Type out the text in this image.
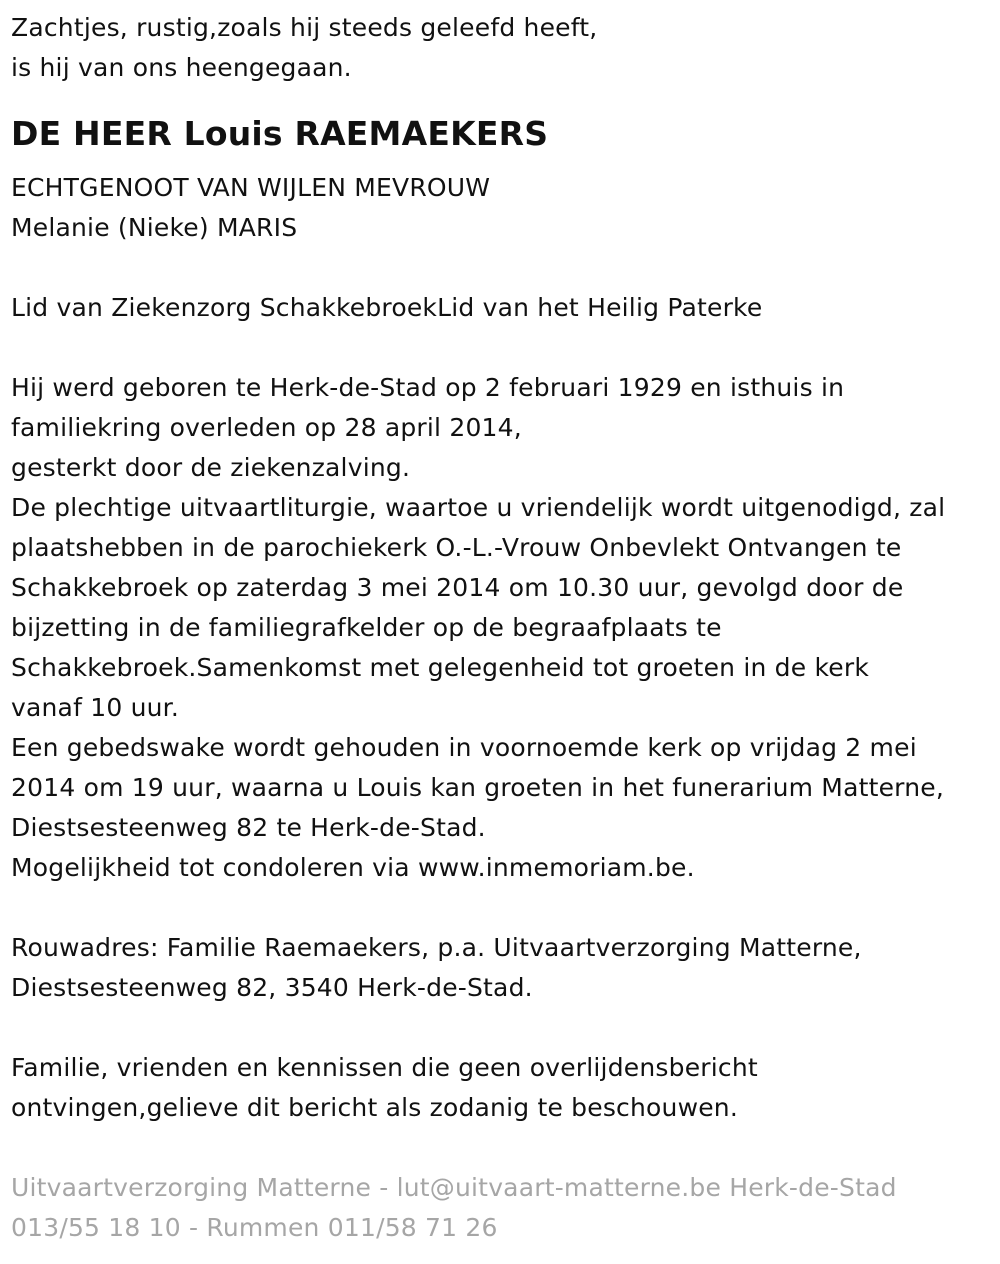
Zachtjes, rustig,zoals hij steeds geleefd heeft,
is hij van ons heengegaan.
DE HEER Louis RAEMAEKERS
ECHTGENOOT VAN WIJLEN MEVROUW
Melanie (Nieke) MARIS
Lid van Ziekenzorg SchakkebroekLid van het Heilig Paterke
Hij werd geboren te Herk-de-Stad op 2 februari 1929 en isthuis in
familiekring overleden op 28 april 2014,
gesterkt door de ziekenzalving.
De plechtige uitvaartliturgie, waartoe u vriendelijk wordt uitgenodigd, zal
plaatshebben in de parochiekerk O.-L.-Vrouw Onbevlekt Ontvangen te
Schakkebroek op zaterdag 3 mei 2014 om 10.30 uur, gevolgd door de
bijzetting in de familiegrafkelder op de begraafplaats te
Schakkebroek.Samenkomst met gelegenheid tot groeten in de kerk
vanaf 10 uur.
Een gebedswake wordt gehouden in voornoemde kerk op vrijdag 2 mei
2014 om 19 uur, waarna u Louis kan groeten in het funerarium Matterne,
Diestsesteenweg 82 te Herk-de-Stad.
Mogelijkheid tot condoleren via www.inmemoriam.be.
Rouwadres: Familie Raemaekers, p.a. Uitvaartverzorging Matterne,
Diestsesteenweg 82, 3540 Herk-de-Stad.
Familie, vrienden en kennissen die geen overlijdensbericht
ontvingen,gelieve dit bericht als zodanig te beschouwen.
Uitvaartverzorging Matterne - lut@uitvaart-matterne.be Herk-de-Stad
013/55 18 10 - Rummen 011/58 71 26
